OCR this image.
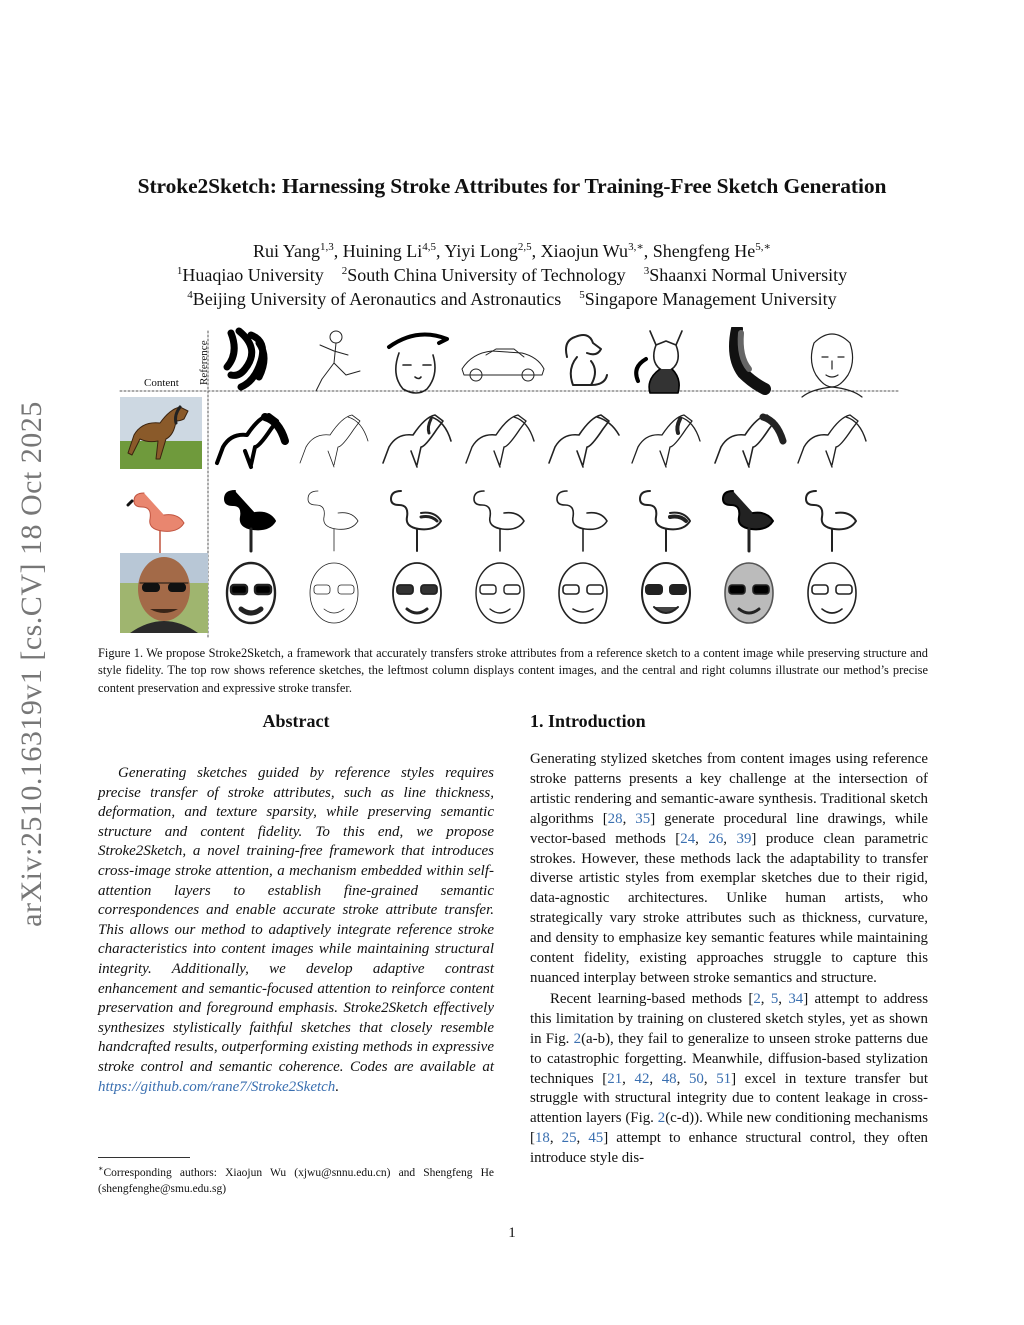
arXiv:2510.16319v1 [cs.CV] 18 Oct 2025
Stroke2Sketch: Harnessing Stroke Attributes for Training-Free Sketch Generation
Rui Yang$^{1,3}$, Huining Li$^{4,5}$, Yiyi Long$^{2,5}$, Xiaojun $Wu^{3,∗}$, Shengfeng $He^{5,∗}$
$^1$Huaqiao University $^2$South China University of Technology $^3$Shaanxi Normal University
$^4$Beijing University of Aeronautics and Astronautics $^5$Singapore Management University
Content Reference
Figure 1. We propose Stroke2Sketch, a framework that accurately transfers stroke attributes from a reference sketch to a content image while preserving structure and style fidelity. The top row shows reference sketches, the leftmost column displays content images, and the central and right columns illustrate our method’s precise content preservation and expressive stroke transfer.
Abstract	1. Introduction
Generating sketches guided by reference styles requires precise transfer of stroke attributes, such as line thickness, deformation, and texture sparsity, while preserving semantic structure and content fidelity. To this end, we propose Stroke2Sketch, a novel training-free framework that introduces cross-image stroke attention, a mechanism embedded within self-attention layers to establish fine-grained semantic correspondences and enable accurate stroke attribute transfer. This allows our method to adaptively integrate reference stroke characteristics into content images while maintaining structural integrity. Additionally, we develop adaptive contrast enhancement and semantic-focused attention to reinforce content preservation and foreground emphasis. Stroke2Sketch effectively synthesizes stylistically faithful sketches that closely resemble handcrafted results, outperforming existing methods in expressive stroke control and semantic coherence. Codes are available at https://github.com/rane7/Stroke2Sketch.
∗Corresponding authors: Xiaojun Wu (xjwu@snnu.edu.cn) and Shengfeng He (shengfenghe@smu.edu.sg)

Generating stylized sketches from content images using reference stroke patterns presents a key challenge at the intersection of artistic rendering and semantic-aware synthesis. Traditional sketch algorithms [28, 35] generate procedural line drawings, while vector-based methods [24, 26, 39] produce clean parametric strokes. However, these methods lack the adaptability to transfer diverse artistic styles from exemplar sketches due to their rigid, data-agnostic architectures. Unlike human artists, who strategically vary stroke attributes such as thickness, curvature, and density to emphasize key semantic features while maintaining content fidelity, existing approaches struggle to capture this nuanced interplay between stroke semantics and structure.

Recent learning-based methods [2, 5, 34] attempt to address this limitation by training on clustered sketch styles, yet as shown in Fig. 2(a-b), they fail to generalize to unseen stroke patterns due to catastrophic forgetting. Meanwhile, diffusion-based stylization techniques [21, 42, 48, 50, 51] excel in texture transfer but struggle with structural integrity due to content leakage in cross-attention layers (Fig. 2(c-d)). While new conditioning mechanisms [18, 25, 45] attempt to enhance structural control, they often introduce style dis-

1
